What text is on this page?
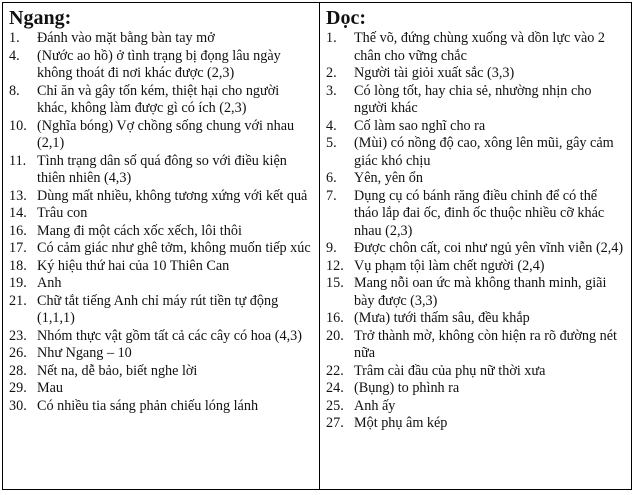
Ngang:
1.	Đánh vào mặt bằng bàn tay mở
4.	(Nước ao hồ) ở tình trạng bị đọng lâu ngày không thoát đi nơi khác được (2,3)
8.	Chỉ ăn và gây tốn kém, thiệt hại cho người khác, không làm được gì có ích (2,3)
10. (Nghĩa bóng) Vợ chồng sống chung với nhau (2,1)
11. Tình trạng dân số quá đông so với điều kiện thiên nhiên (4,3)
13. Dùng mất nhiều, không tương xứng với kết quả
14. Trâu con
16. Mang đi một cách xốc xếch, lôi thôi
17. Có cảm giác như ghê tởm, không muốn tiếp xúc
18. Ký hiệu thứ hai của 10 Thiên Can
19. Anh
21. Chữ tắt tiếng Anh chỉ máy rút tiền tự động (1,1,1)
23. Nhóm thực vật gồm tất cả các cây có hoa (4,3)
26. Như Ngang – 10
28. Nết na, dễ bảo, biết nghe lời
29. Mau
30. Có nhiều tia sáng phản chiếu lóng lánh
Dọc:
1.	Thế võ, đứng chùng xuống và dồn lực vào 2 chân cho vững chắc
2.	Người tài giỏi xuất sắc (3,3)
3.	Có lòng tốt, hay chia sẻ, nhường nhịn cho người khác
4.	Cố làm sao nghĩ cho ra
5.	(Mùi) có nồng độ cao, xông lên mũi, gây cảm giác khó chịu
6.	Yên, yên ổn
7.	Dụng cụ có bánh răng điều chỉnh để có thể tháo lắp đai ốc, đinh ốc thuộc nhiều cỡ khác nhau (2,3)
9.	Được chôn cất, coi như ngủ yên vĩnh viễn (2,4)
12. Vụ phạm tội làm chết người (2,4)
15. Mang nỗi oan ức mà không thanh minh, giãi bày được (3,3)
16. (Mưa) tưới thấm sâu, đều khắp
20. Trở thành mờ, không còn hiện ra rõ đường nét nữa
22. Trâm cài đầu của phụ nữ thời xưa
24. (Bụng) to phình ra
25. Anh ấy
27. Một phụ âm kép
